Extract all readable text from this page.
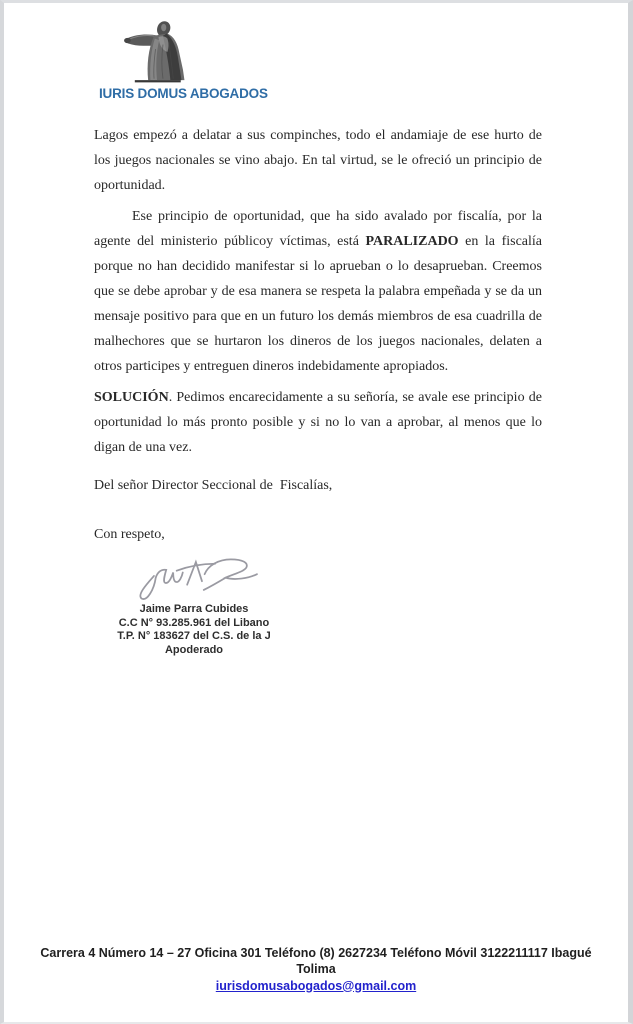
IURIS DOMUS ABOGADOS

Lagos empezó a delatar a sus compinches, todo el andamiaje de ese hurto de los juegos nacionales se vino abajo. En tal virtud, se le ofreció un principio de oportunidad.

Ese principio de oportunidad, que ha sido avalado por fiscalía, por la agente del ministerio públicoy víctimas, está PARALIZADO en la fiscalía porque no han decidido manifestar si lo aprueban o lo desaprueban. Creemos que se debe aprobar y de esa manera se respeta la palabra empeñada y se da un mensaje positivo para que en un futuro los demás miembros de esa cuadrilla de malhechores que se hurtaron los dineros de los juegos nacionales, delaten a otros participes y entreguen dineros indebidamente apropiados.

SOLUCIÓN. Pedimos encarecidamente a su señoría, se avale ese principio de oportunidad lo más pronto posible y si no lo van a aprobar, al menos que lo digan de una vez.

Del señor Director Seccional de  Fiscalías,

Con respeto,

Jaime Parra Cubides
C.C N° 93.285.961 del Libano
T.P. N° 183627 del C.S. de la J
Apoderado
Carrera 4 Número 14 – 27 Oficina 301 Teléfono (8) 2627234 Teléfono Móvil 3122211117 Ibagué
Tolima
iurisdomusabogados@gmail.com
